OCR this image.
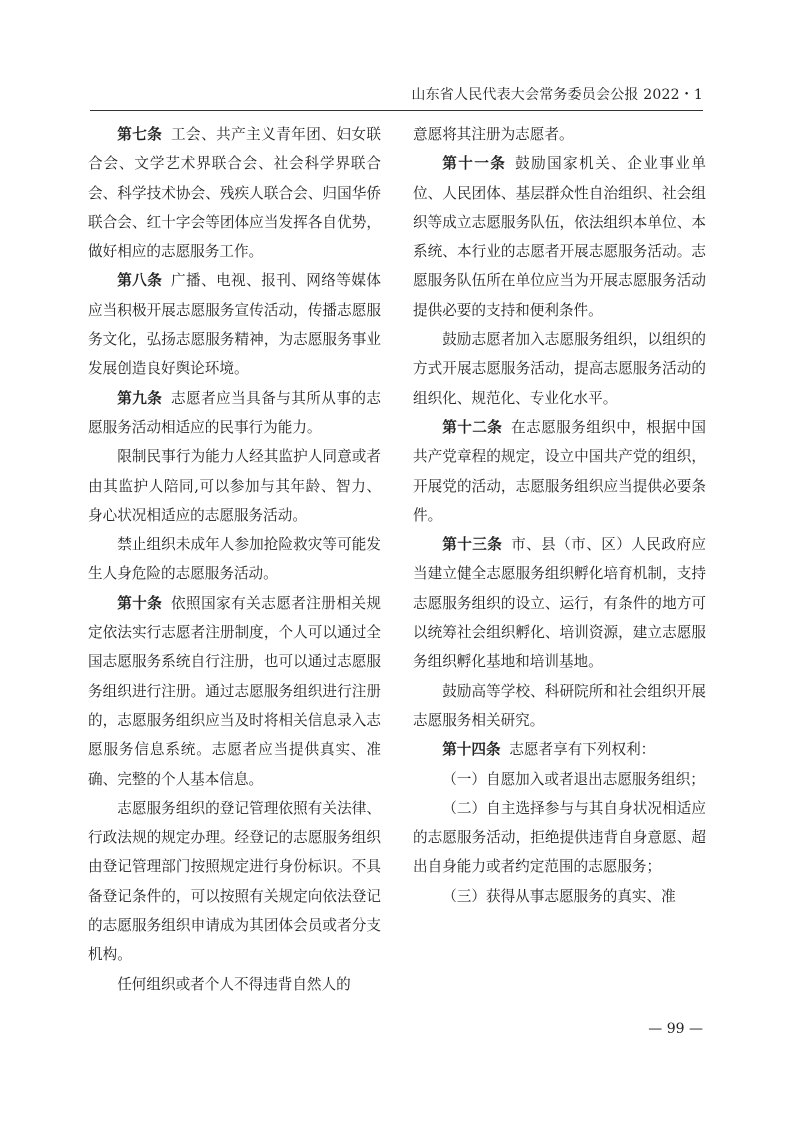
山东省人民代表大会常务委员会公报 2022・1

第七条 工会、共产主义青年团、妇女联合会、文学艺术界联合会、社会科学界联合会、科学技术协会、残疾人联合会、归国华侨联合会、红十字会等团体应当发挥各自优势，做好相应的志愿服务工作。

第八条 广播、电视、报刊、网络等媒体应当积极开展志愿服务宣传活动，传播志愿服务文化，弘扬志愿服务精神，为志愿服务事业发展创造良好舆论环境。

第九条 志愿者应当具备与其所从事的志愿服务活动相适应的民事行为能力。

限制民事行为能力人经其监护人同意或者由其监护人陪同,可以参加与其年龄、智力、身心状况相适应的志愿服务活动。

禁止组织未成年人参加抢险救灾等可能发生人身危险的志愿服务活动。

第十条 依照国家有关志愿者注册相关规定依法实行志愿者注册制度，个人可以通过全国志愿服务系统自行注册，也可以通过志愿服务组织进行注册。通过志愿服务组织进行注册的，志愿服务组织应当及时将相关信息录入志愿服务信息系统。志愿者应当提供真实、准确、完整的个人基本信息。

志愿服务组织的登记管理依照有关法律、行政法规的规定办理。经登记的志愿服务组织由登记管理部门按照规定进行身份标识。不具备登记条件的，可以按照有关规定向依法登记的志愿服务组织申请成为其团体会员或者分支机构。

任何组织或者个人不得违背自然人的

意愿将其注册为志愿者。

第十一条 鼓励国家机关、企业事业单位、人民团体、基层群众性自治组织、社会组织等成立志愿服务队伍，依法组织本单位、本系统、本行业的志愿者开展志愿服务活动。志愿服务队伍所在单位应当为开展志愿服务活动提供必要的支持和便利条件。

鼓励志愿者加入志愿服务组织，以组织的方式开展志愿服务活动，提高志愿服务活动的组织化、规范化、专业化水平。

第十二条 在志愿服务组织中，根据中国共产党章程的规定，设立中国共产党的组织，开展党的活动，志愿服务组织应当提供必要条件。

第十三条 市、县（市、区）人民政府应当建立健全志愿服务组织孵化培育机制，支持志愿服务组织的设立、运行，有条件的地方可以统筹社会组织孵化、培训资源，建立志愿服务组织孵化基地和培训基地。

鼓励高等学校、科研院所和社会组织开展志愿服务相关研究。

第十四条 志愿者享有下列权利：

（一）自愿加入或者退出志愿服务组织；

（二）自主选择参与与其自身状况相适应的志愿服务活动，拒绝提供违背自身意愿、超出自身能力或者约定范围的志愿服务；

（三）获得从事志愿服务的真实、准

— 99 —
